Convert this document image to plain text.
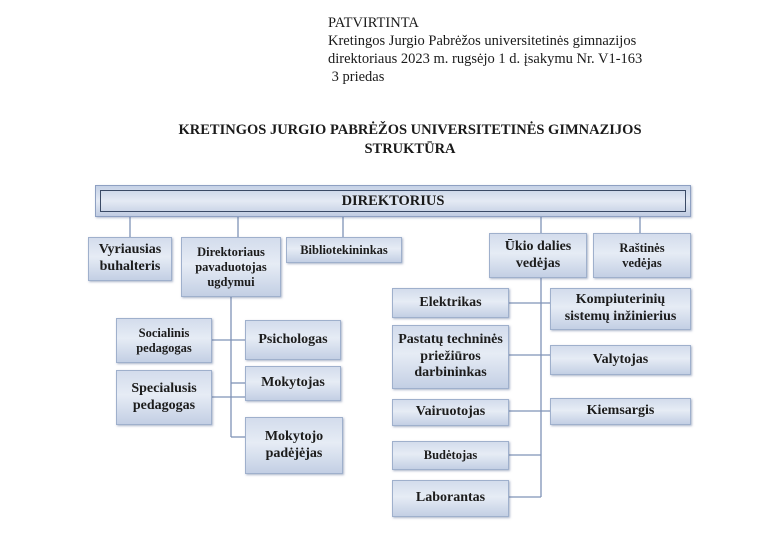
PATVIRTINTA
Kretingos Jurgio Pabrėžos universitetinės gimnazijos
direktoriaus 2023 m. rugsėjo 1 d. įsakymu Nr. V1-163
3 priedas
KRETINGOS JURGIO PABRĖŽOS UNIVERSITETINĖS GIMNAZIJOS
STRUKTŪRA
DIREKTORIUS
Vyriausias
buhalteris
Direktoriaus
pavaduotojas
ugdymui
Bibliotekininkas	Ūkio dalies
vedėjas
Raštinės
vedėjas
Socialinis
pedagogas
Specialusis
pedagogas
Psichologas
Mokytojas
Mokytojo
padėjėjas
Elektrikas
Pastatų techninės
priežiūros
darbininkas
Vairuotojas
Budėtojas
Laborantas
Kompiuterinių
sistemų inžinierius
Valytojas
Kiemsargis
